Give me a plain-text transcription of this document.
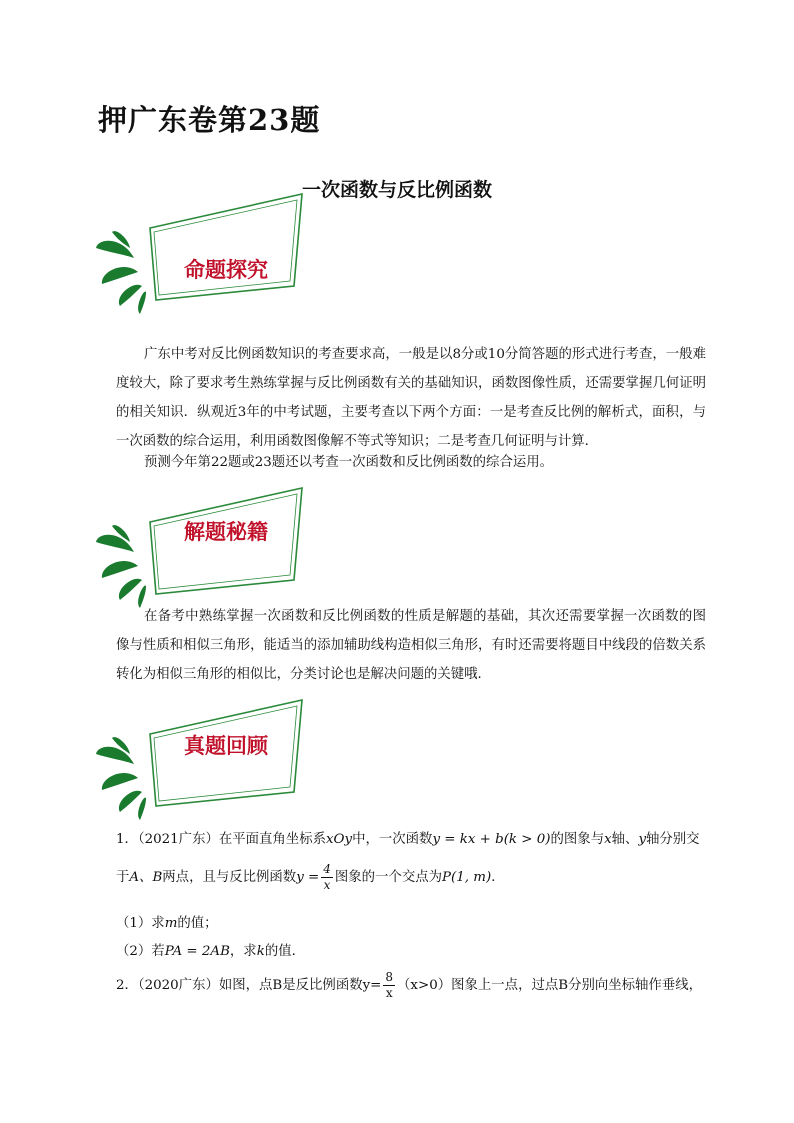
押广东卷第23题
一次函数与反比例函数
命题探究
广东中考对反比例函数知识的考查要求高，一般是以8分或10分简答题的形式进行考查，一般难度较大，除了要求考生熟练掌握与反比例函数有关的基础知识，函数图像性质，还需要掌握几何证明的相关知识．纵观近3年的中考试题，主要考查以下两个方面：一是考查反比例的解析式，面积，与一次函数的综合运用，利用函数图像解不等式等知识；二是考查几何证明与计算．
预测今年第22题或23题还以考查一次函数和反比例函数的综合运用。
解题秘籍
在备考中熟练掌握一次函数和反比例函数的性质是解题的基础，其次还需要掌握一次函数的图像与性质和相似三角形，能适当的添加辅助线构造相似三角形，有时还需要将题目中线段的倍数关系转化为相似三角形的相似比，分类讨论也是解决问题的关键哦．
真题回顾
1．（2021广东）在平面直角坐标系xOy中，一次函数y = kx + b(k > 0)的图象与x轴、y轴分别交
于A、B两点，且与反比例函数$y = \frac{4}{x}$ 图象的一个交点为P(1, m)．
（1）求m的值；
（2）若PA = 2AB，求k的值．
2．（2020广东）如图，点B是反比例函数$y= \frac{8}{x} (x>0)$图象上一点，过点B分别向坐标轴作垂线，
